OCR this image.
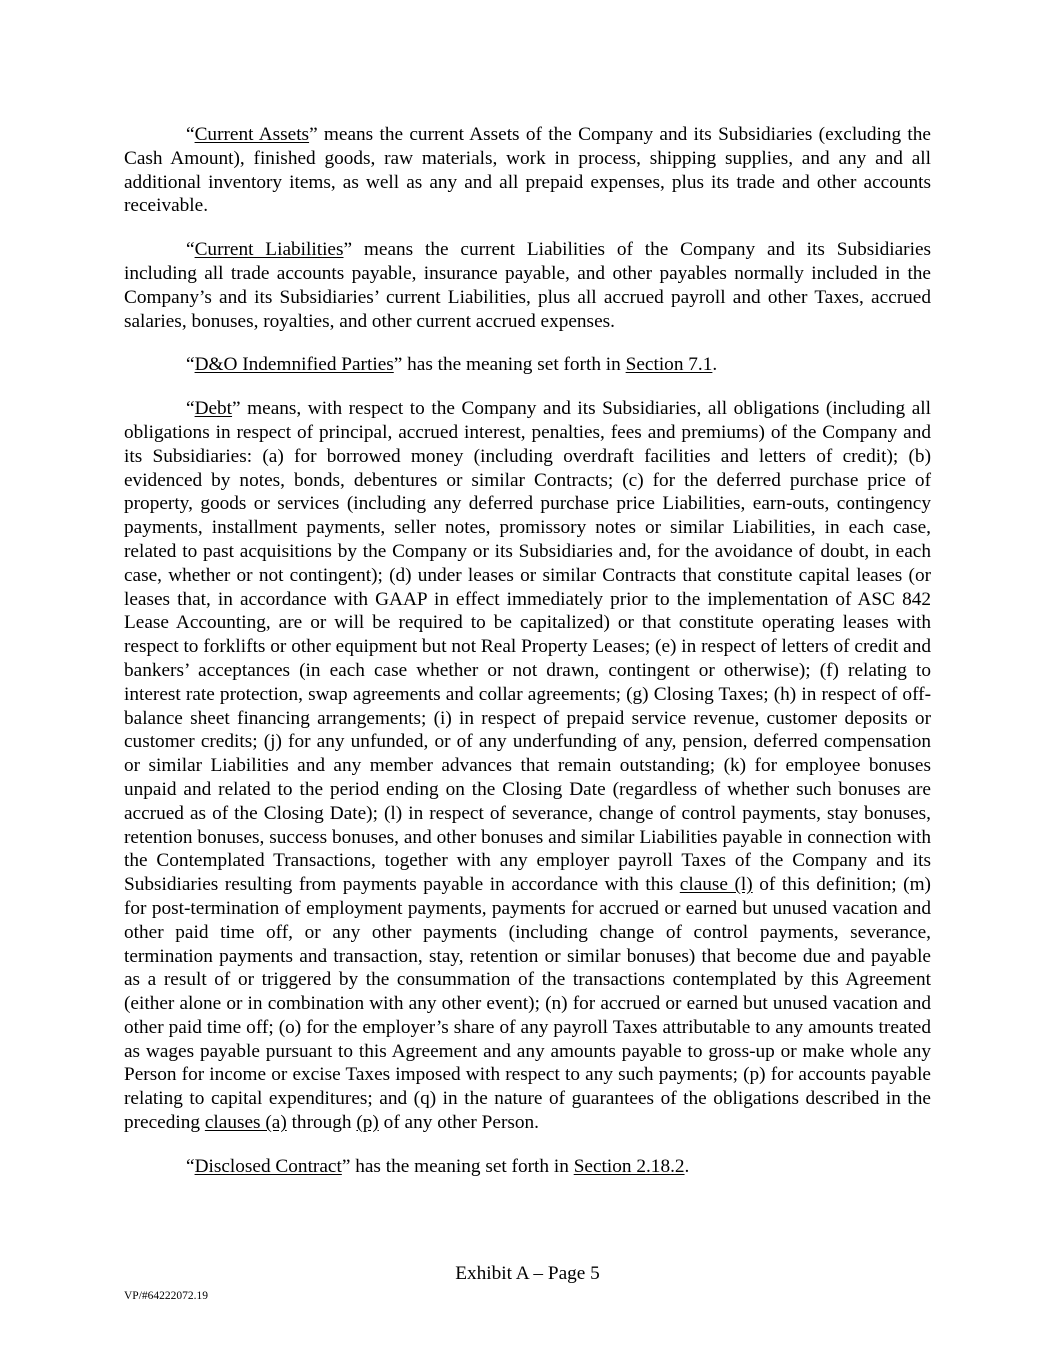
“Current Assets” means the current Assets of the Company and its Subsidiaries (excluding the Cash Amount), finished goods, raw materials, work in process, shipping supplies, and any and all additional inventory items, as well as any and all prepaid expenses, plus its trade and other accounts receivable.

“Current Liabilities” means the current Liabilities of the Company and its Subsidiaries including all trade accounts payable, insurance payable, and other payables normally included in the Company’s and its Subsidiaries’ current Liabilities, plus all accrued payroll and other Taxes, accrued salaries, bonuses, royalties, and other current accrued expenses.

“D&O Indemnified Parties” has the meaning set forth in Section 7.1.

“Debt” means, with respect to the Company and its Subsidiaries, all obligations (including all obligations in respect of principal, accrued interest, penalties, fees and premiums) of the Company and its Subsidiaries: (a) for borrowed money (including overdraft facilities and letters of credit); (b) evidenced by notes, bonds, debentures or similar Contracts; (c) for the deferred purchase price of property, goods or services (including any deferred purchase price Liabilities, earn-outs, contingency payments, installment payments, seller notes, promissory notes or similar Liabilities, in each case, related to past acquisitions by the Company or its Subsidiaries and, for the avoidance of doubt, in each case, whether or not contingent); (d) under leases or similar Contracts that constitute capital leases (or leases that, in accordance with GAAP in effect immediately prior to the implementation of ASC 842 Lease Accounting, are or will be required to be capitalized) or that constitute operating leases with respect to forklifts or other equipment but not Real Property Leases; (e) in respect of letters of credit and bankers’ acceptances (in each case whether or not drawn, contingent or otherwise); (f) relating to interest rate protection, swap agreements and collar agreements; (g) Closing Taxes; (h) in respect of off-balance sheet financing arrangements; (i) in respect of prepaid service revenue, customer deposits or customer credits; (j) for any unfunded, or of any underfunding of any, pension, deferred compensation or similar Liabilities and any member advances that remain outstanding; (k) for employee bonuses unpaid and related to the period ending on the Closing Date (regardless of whether such bonuses are accrued as of the Closing Date); (l) in respect of severance, change of control payments, stay bonuses, retention bonuses, success bonuses, and other bonuses and similar Liabilities payable in connection with the Contemplated Transactions, together with any employer payroll Taxes of the Company and its Subsidiaries resulting from payments payable in accordance with this clause (l) of this definition; (m) for post-termination of employment payments, payments for accrued or earned but unused vacation and other paid time off, or any other payments (including change of control payments, severance, termination payments and transaction, stay, retention or similar bonuses) that become due and payable as a result of or triggered by the consummation of the transactions contemplated by this Agreement (either alone or in combination with any other event); (n) for accrued or earned but unused vacation and other paid time off; (o) for the employer’s share of any payroll Taxes attributable to any amounts treated as wages payable pursuant to this Agreement and any amounts payable to gross-up or make whole any Person for income or excise Taxes imposed with respect to any such payments; (p) for accounts payable relating to capital expenditures; and (q) in the nature of guarantees of the obligations described in the preceding clauses (a) through (p) of any other Person.

“Disclosed Contract” has the meaning set forth in Section 2.18.2.

Exhibit A – Page 5
VP/#64222072.19
